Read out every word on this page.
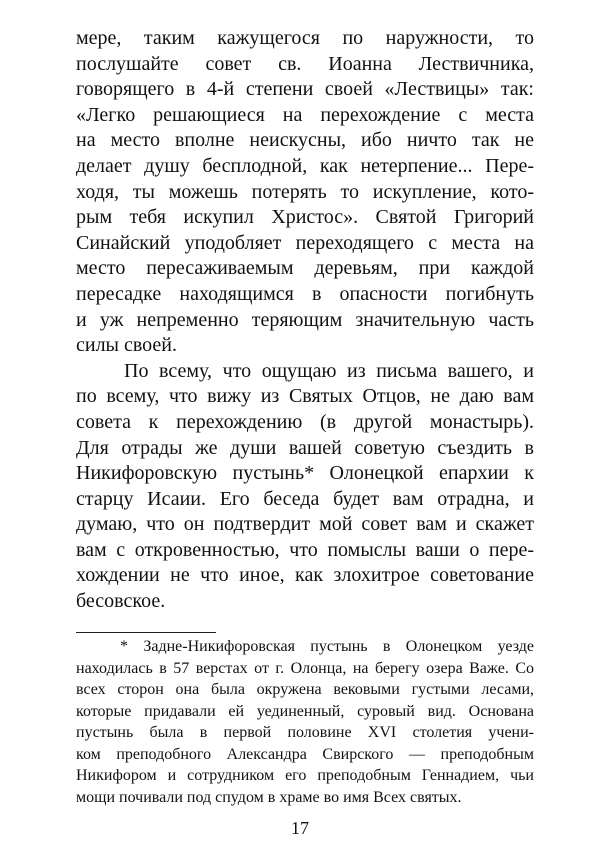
мере, таким кажущегося по наружности, то
послушайте совет св. Иоанна Лествичника,
говорящего в 4-й степени своей «Лествицы» так:
«Легко решающиеся на перехождение с места
на место вполне неискусны, ибо ничто так не
делает душу бесплодной, как нетерпение... Пере-
ходя, ты можешь потерять то искупление, кото-
рым тебя искупил Христос». Святой Григорий
Синайский уподобляет переходящего с места на
место пересаживаемым деревьям, при каждой
пересадке находящимся в опасности погибнуть
и уж непременно теряющим значительную часть
силы своей.
По всему, что ощущаю из письма вашего, и
по всему, что вижу из Святых Отцов, не даю вам
совета к перехождению (в другой монастырь).
Для отрады же души вашей советую съездить в
Никифоровскую пустынь* Олонецкой епархии к
старцу Исаии. Его беседа будет вам отрадна, и
думаю, что он подтвердит мой совет вам и скажет
вам с откровенностью, что помыслы ваши о пере-
хождении не что иное, как злохитрое советование
бесовское.
* Задне-Никифоровская пустынь в Олонецком уезде
находилась в 57 верстах от г. Олонца, на берегу озера Важе. Со
всех сторон она была окружена вековыми густыми лесами,
которые придавали ей уединенный, суровый вид. Основана
пустынь была в первой половине XVI столетия учени-
ком преподобного Александра Свирского — преподобным
Никифором и сотрудником его преподобным Геннадием, чьи
мощи почивали под спудом в храме во имя Всех святых.
17
